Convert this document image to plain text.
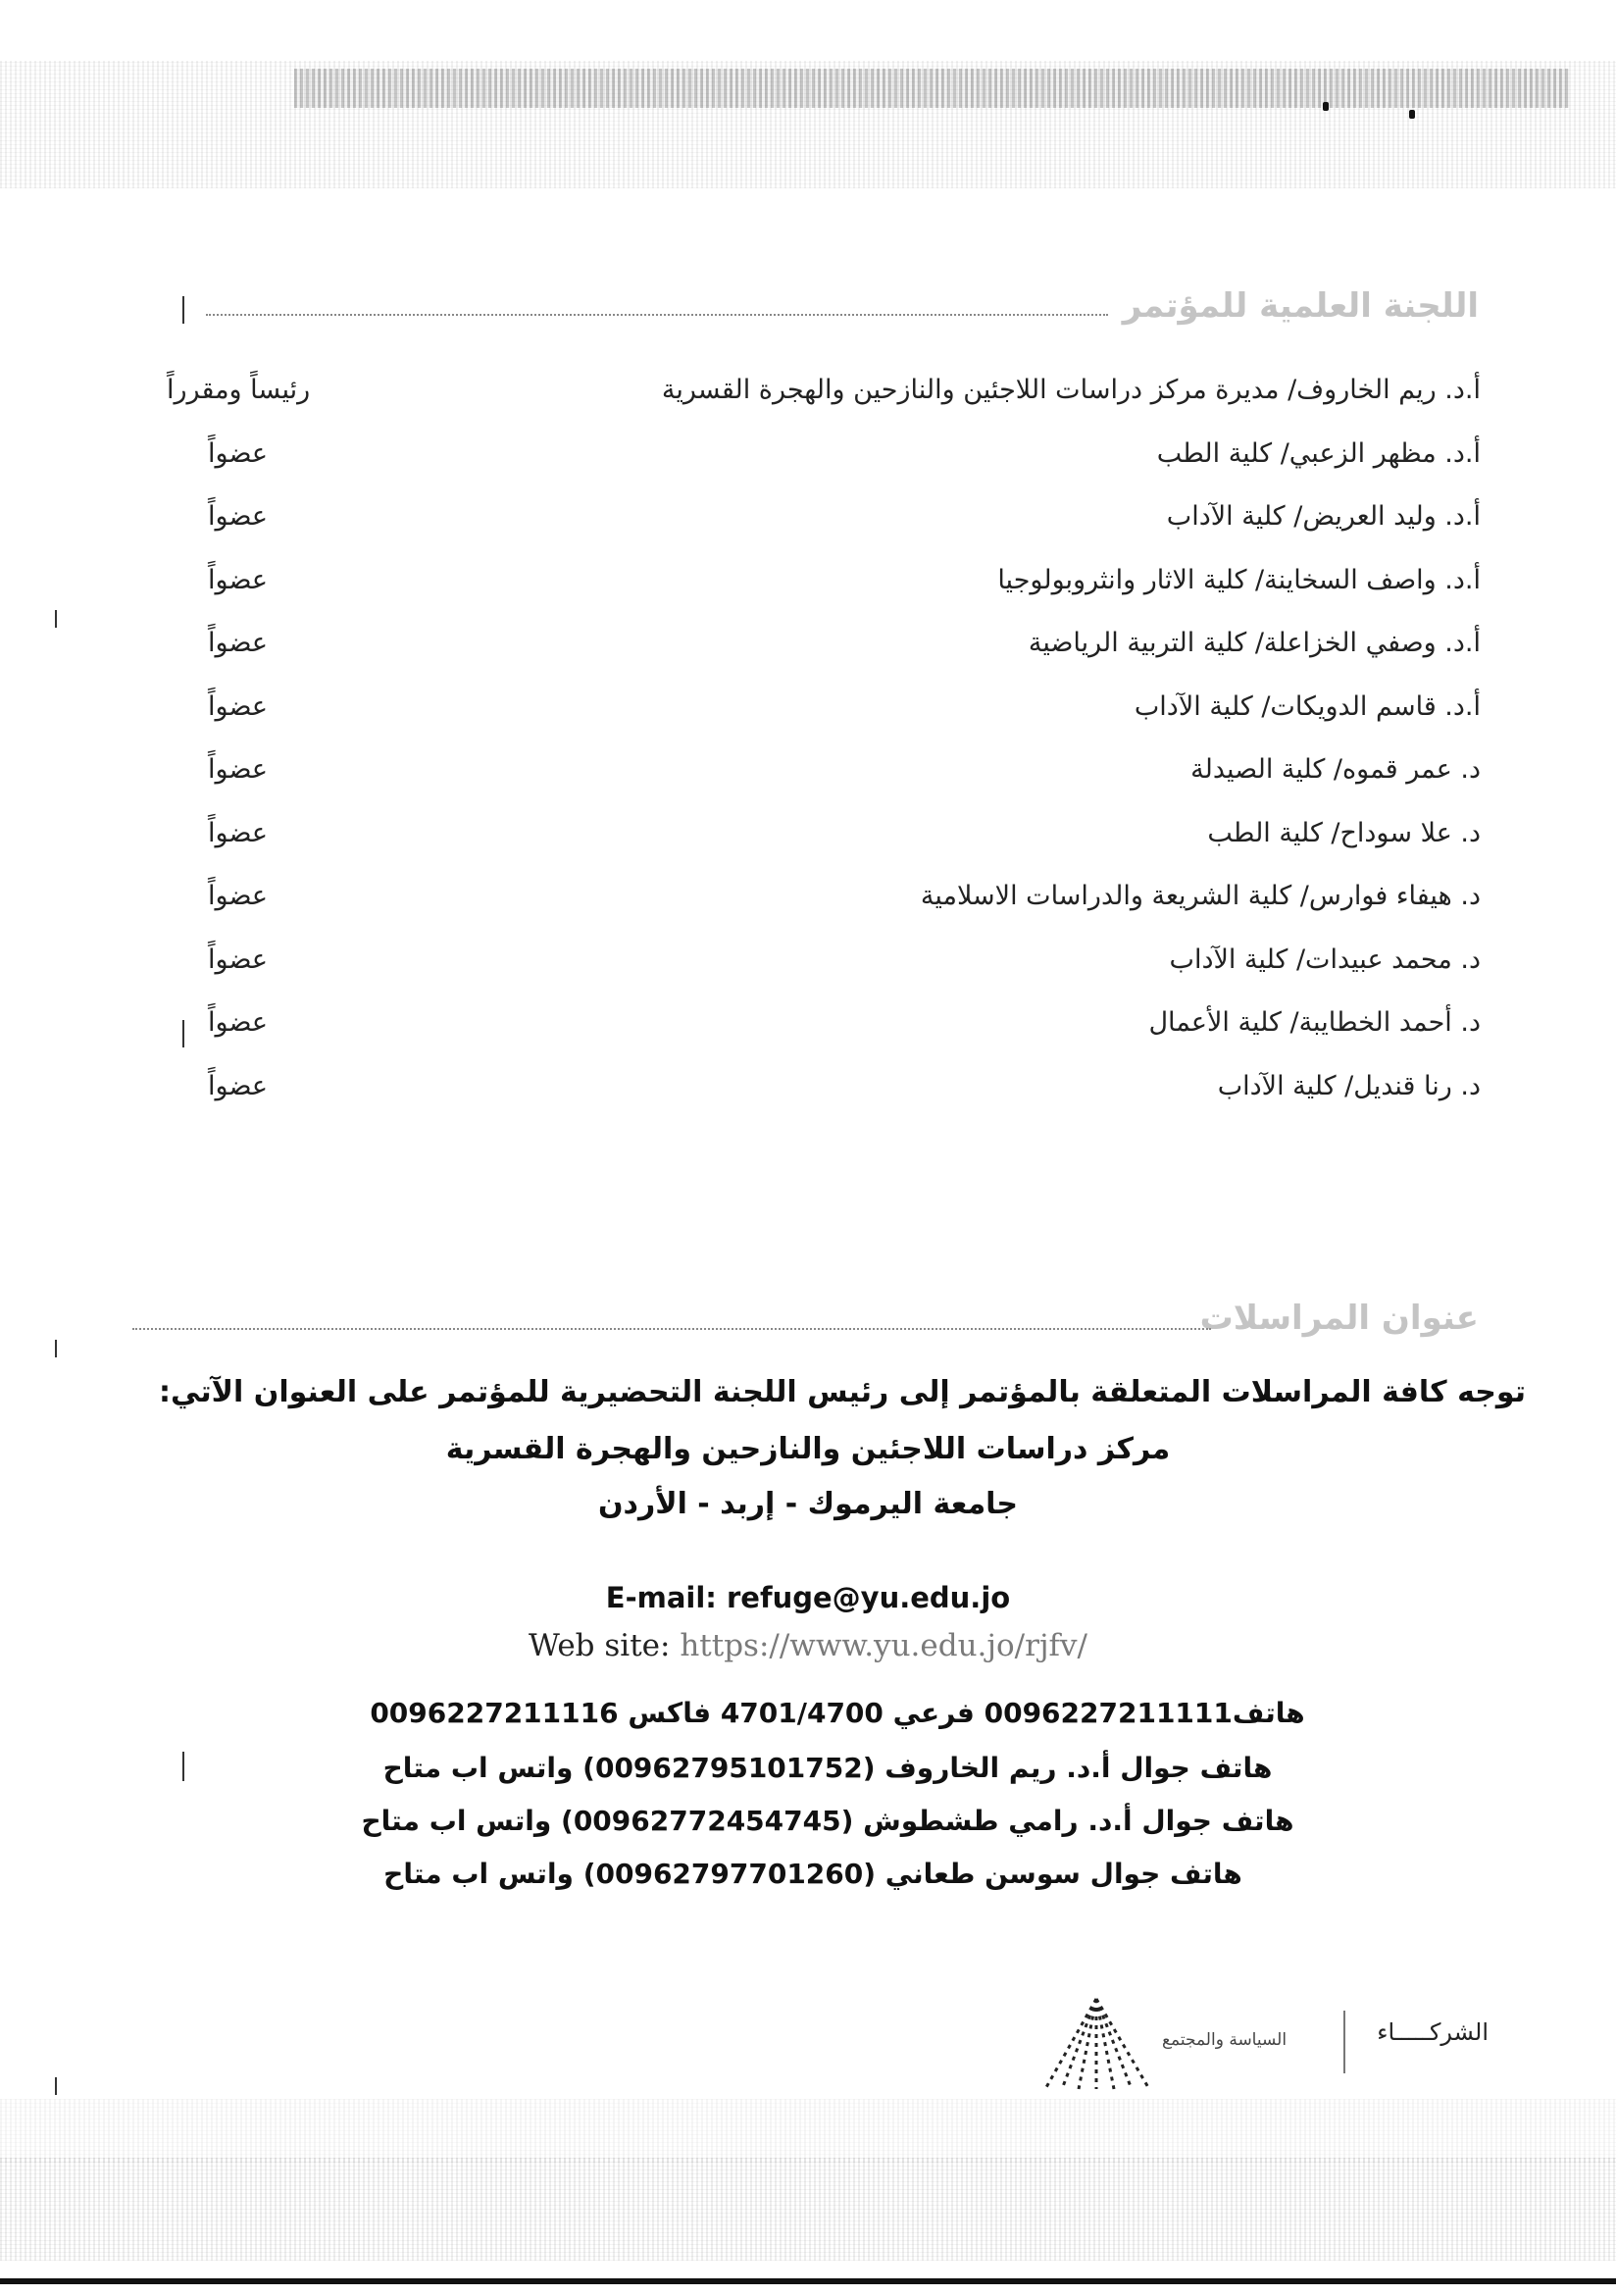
اللجنة العلمية للمؤتمر
أ.د. ريم الخاروف/ مديرة مركز دراسات اللاجئين والنازحين والهجرة القسرية
رئيساً ومقرراً
أ.د. مظهر الزعبي/ كلية الطب
عضواً
أ.د. وليد العريض/ كلية الآداب
عضواً
أ.د. واصف السخاينة/ كلية الاثار وانثروبولوجيا
عضواً
أ.د. وصفي الخزاعلة/ كلية التربية الرياضية
عضواً
أ.د. قاسم الدويكات/ كلية الآداب
عضواً
د. عمر قموه/ كلية الصيدلة
عضواً
د. علا سوداح/ كلية الطب
عضواً
د. هيفاء فوارس/ كلية الشريعة والدراسات الاسلامية
عضواً
د. محمد عبيدات/ كلية الآداب
عضواً
د. أحمد الخطايبة/ كلية الأعمال
عضواً
د. رنا قنديل/ كلية الآداب
عضواً
عنوان المراسلات
توجه كافة المراسلات المتعلقة بالمؤتمر إلى رئيس اللجنة التحضيرية للمؤتمر على العنوان الآتي:
مركز دراسات اللاجئين والنازحين والهجرة القسرية
جامعة اليرموك - إربد - الأردن
E-mail: refuge@yu.edu.jo
Web site: https://www.yu.edu.jo/rjfv/
هاتف0096227211111 فرعي 4701/4700 فاكس 0096227211116
هاتف جوال أ.د. ريم الخاروف (00962795101752) واتس اب متاح
هاتف جوال أ.د. رامي طشطوش (00962772454745) واتس اب متاح
هاتف جوال سوسن طعاني (00962797701260) واتس اب متاح
الشركـــــاء
السياسة والمجتمع
